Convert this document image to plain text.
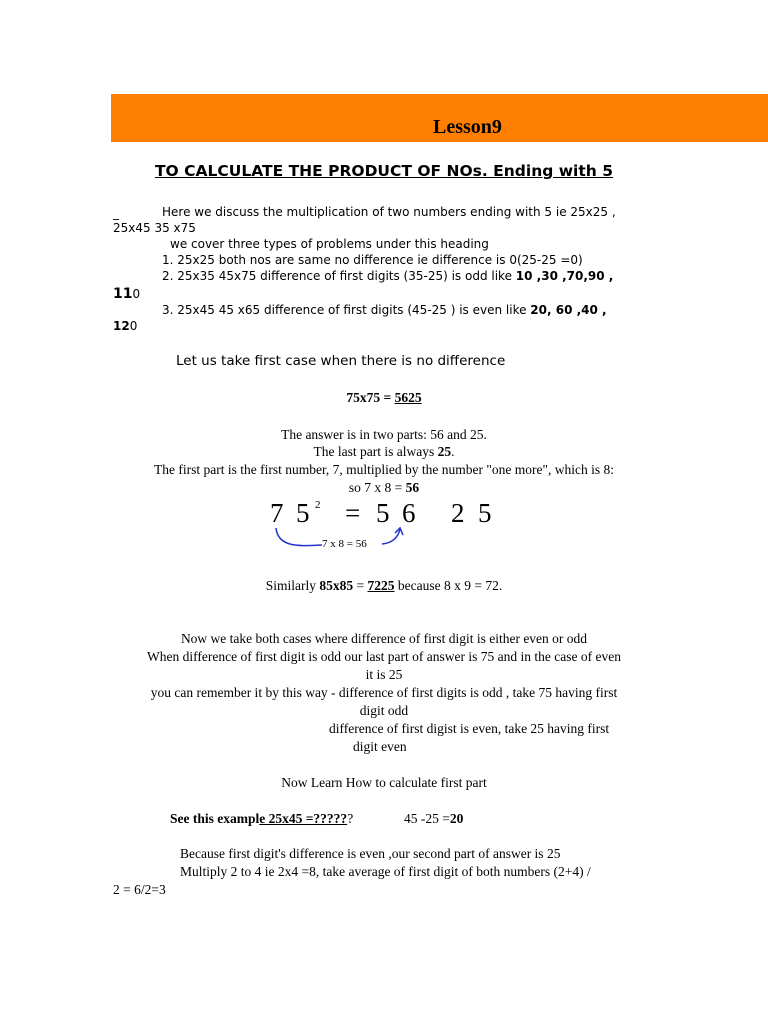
Lesson9
TO CALCULATE THE PRODUCT OF NOs. Ending with 5
_	Here we discuss the multiplication of two numbers ending with 5 ie 25x25 ,
25x45 35 x75
we cover three types of problems under this heading
1. 25x25 both nos are same no difference ie difference is 0(25-25 =0)
2. 25x35 45x75 difference of first digits (35-25) is odd like 10 ,30 ,70,90 ,
110
3. 25x45 45 x65 difference of first digits (45-25 ) is even like 20, 60 ,40 ,
120
Let us take first case when there is no difference
75x75 = 5625
The answer is in two parts: 56 and 25.
The last part is always 25.
The first part is the first number, 7, multiplied by the number "one more", which is 8:
so 7 x 8 = 56
7 5 2 = 5 6 2 5
7 x 8 = 56
Similarly 85x85 = 7225 because 8 x 9 = 72.
Now we take both cases where difference of first digit is either even or odd
When difference of first digit is odd our last part of answer is 75 and in the case of even
it is 25
you can remember it by this way - difference of first digits is odd , take 75 having first
digit odd
difference of first digist is even, take 25 having first
digit even
Now Learn How to calculate first part
See this example 25x45 =??????	45 -25 =20
Because first digit's difference is even ,our second part of answer is 25
Multiply 2 to 4 ie 2x4 =8, take average of first digit of both numbers (2+4) /
2 = 6/2=3
